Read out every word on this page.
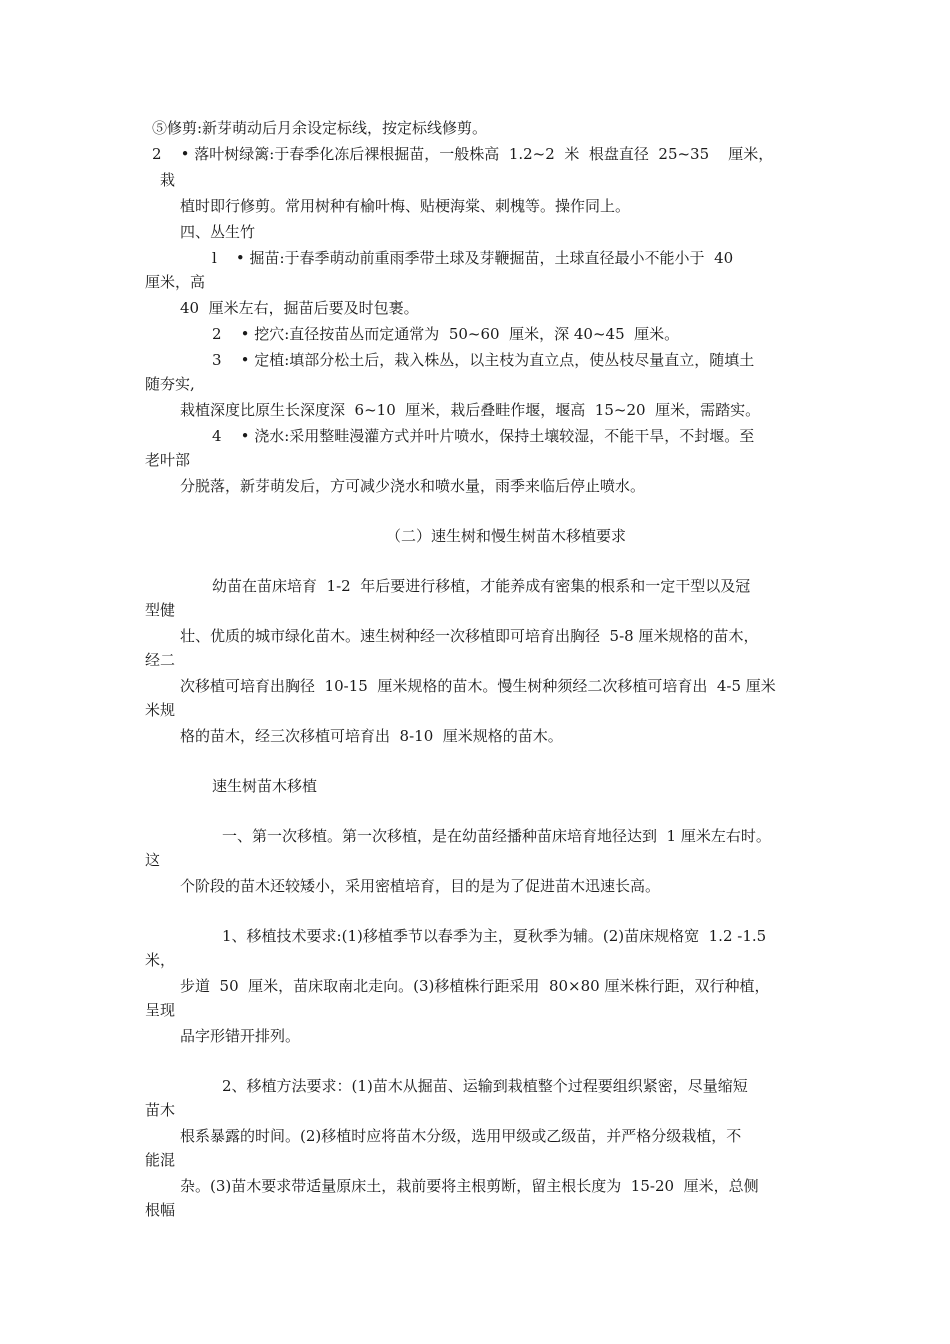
⑤修剪:新芽萌动后月余设定标线，按定标线修剪。
2    • 落叶树绿篱:于春季化冻后裸根掘苗，一般株高  1.2~2  米  根盘直径  25~35    厘米，
栽
植时即行修剪。常用树种有榆叶梅、贴梗海棠、刺槐等。操作同上。
四、丛生竹
l    • 掘苗:于春季萌动前重雨季带土球及芽鞭掘苗，土球直径最小不能小于  40
厘米，高
40  厘米左右，掘苗后要及时包裹。
2    • 挖穴:直径按苗丛而定通常为  50~60  厘米，深 40~45  厘米。
3    • 定植:填部分松土后，栽入株丛，以主枝为直立点，使丛枝尽量直立，随填土
随夯实,
栽植深度比原生长深度深  6~10  厘米，栽后叠畦作堰，堰高  15~20  厘米，需踏实。
4    • 浇水:采用整畦漫灌方式并叶片喷水，保持土壤较湿，不能干旱，不封堰。至
老叶部
分脱落，新芽萌发后，方可减少浇水和喷水量，雨季来临后停止喷水。
（二）速生树和慢生树苗木移植要求
幼苗在苗床培育  1-2  年后要进行移植，才能养成有密集的根系和一定干型以及冠
型健
壮、优质的城市绿化苗木。速生树种经一次移植即可培育出胸径  5-8 厘米规格的苗木，
经二
次移植可培育出胸径  10-15  厘米规格的苗木。慢生树种须经二次移植可培育出  4-5 厘米
米规
格的苗木，经三次移植可培育出  8-10  厘米规格的苗木。
速生树苗木移植
一、第一次移植。第一次移植，是在幼苗经播种苗床培育地径达到  1 厘米左右时。
这
个阶段的苗木还较矮小，采用密植培育，目的是为了促进苗木迅速长高。
1、移植技术要求:(1)移植季节以春季为主，夏秋季为辅。(2)苗床规格宽  1.2 -1.5
米，
步道  50  厘米，苗床取南北走向。(3)移植株行距采用  80×80 厘米株行距，双行种植，
呈现
品字形错开排列。
2、移植方法要求：(1)苗木从掘苗、运输到栽植整个过程要组织紧密，尽量缩短
苗木
根系暴露的时间。(2)移植时应将苗木分级，选用甲级或乙级苗，并严格分级栽植，不
能混
杂。(3)苗木要求带适量原床土，栽前要将主根剪断，留主根长度为  15-20  厘米，总侧
根幅
